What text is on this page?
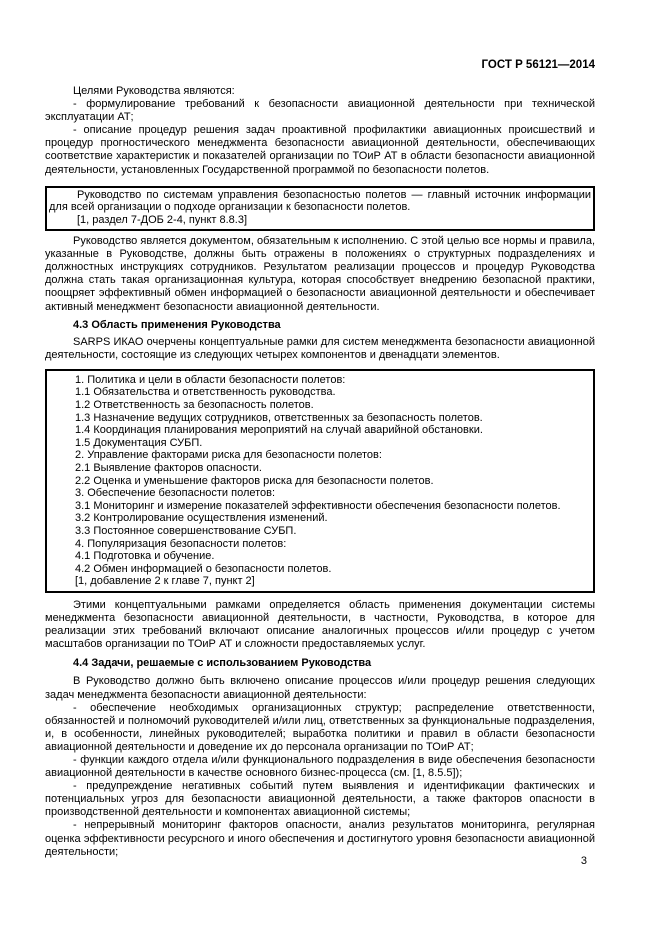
ГОСТ Р 56121—2014

Целями Руководства являются:

- формулирование требований к безопасности авиационной деятельности при технической эксплуатации АТ;

- описание процедур решения задач проактивной профилактики авиационных происшествий и процедур прогностического менеджмента безопасности авиационной деятельности, обеспечивающих соответствие характеристик и показателей организации по ТОиР АТ в области безопасности авиационной деятельности, установленных Государственной программой по безопасности полетов.

Руководство по системам управления безопасностью полетов — главный источник информации для всей организации о подходе организации к безопасности полетов.

[1, раздел 7-ДОБ 2-4, пункт 8.8.3]

Руководство является документом, обязательным к исполнению. С этой целью все нормы и правила, указанные в Руководстве, должны быть отражены в положениях о структурных подразделениях и должностных инструкциях сотрудников. Результатом реализации процессов и процедур Руководства должна стать такая организационная культура, которая способствует внедрению безопасной практики, поощряет эффективный обмен информацией о безопасности авиационной деятельности и обеспечивает активный менеджмент безопасности авиационной деятельности.

4.3 Область применения Руководства

SARPS ИКАО очерчены концептуальные рамки для систем менеджмента безопасности авиационной деятельности, состоящие из следующих четырех компонентов и двенадцати элементов.

1. Политика и цели в области безопасности полетов:
1.1 Обязательства и ответственность руководства.
1.2 Ответственность за безопасность полетов.
1.3 Назначение ведущих сотрудников, ответственных за безопасность полетов.
1.4 Координация планирования мероприятий на случай аварийной обстановки.
1.5 Документация СУБП.
2. Управление факторами риска для безопасности полетов:
2.1 Выявление факторов опасности.
2.2 Оценка и уменьшение факторов риска для безопасности полетов.
3. Обеспечение безопасности полетов:
3.1 Мониторинг и измерение показателей эффективности обеспечения безопасности полетов.
3.2 Контролирование осуществления изменений.
3.3 Постоянное совершенствование СУБП.
4. Популяризация безопасности полетов:
4.1 Подготовка и обучение.
4.2 Обмен информацией о безопасности полетов.
[1, добавление 2 к главе 7, пункт 2]

Этими концептуальными рамками определяется область применения документации системы менеджмента безопасности авиационной деятельности, в частности, Руководства, в которое для реализации этих требований включают описание аналогичных процессов и/или процедур с учетом масштабов организации по ТОиР АТ и сложности предоставляемых услуг.

4.4 Задачи, решаемые с использованием Руководства

В Руководство должно быть включено описание процессов и/или процедур решения следующих задач менеджмента безопасности авиационной деятельности:

- обеспечение необходимых организационных структур; распределение ответственности, обязанностей и полномочий руководителей и/или лиц, ответственных за функциональные подразделения, и, в особенности, линейных руководителей; выработка политики и правил в области безопасности авиационной деятельности и доведение их до персонала организации по ТОиР АТ;

- функции каждого отдела и/или функционального подразделения в виде обеспечения безопасности авиационной деятельности в качестве основного бизнес-процесса (см. [1, 8.5.5]);

- предупреждение негативных событий путем выявления и идентификации фактических и потенциальных угроз для безопасности авиационной деятельности, а также факторов опасности в производственной деятельности и компонентах авиационной системы;

- непрерывный мониторинг факторов опасности, анализ результатов мониторинга, регулярная оценка эффективности ресурсного и иного обеспечения и достигнутого уровня безопасности авиационной деятельности;

3
